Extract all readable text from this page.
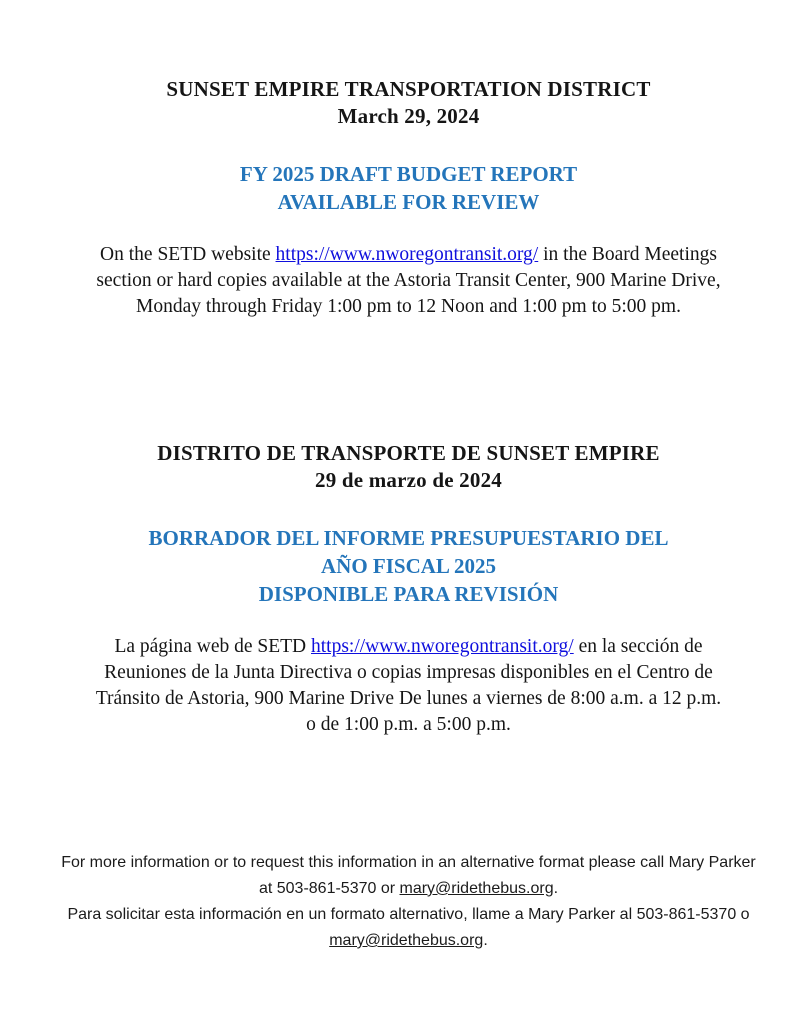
SUNSET EMPIRE TRANSPORTATION DISTRICT
March 29, 2024
FY 2025 DRAFT BUDGET REPORT
AVAILABLE FOR REVIEW

On the SETD website https://www.nworegontransit.org/ in the Board Meetings section or hard copies available at the Astoria Transit Center, 900 Marine Drive, Monday through Friday 1:00 pm to 12 Noon and 1:00 pm to 5:00 pm.

DISTRITO DE TRANSPORTE DE SUNSET EMPIRE
29 de marzo de 2024
BORRADOR DEL INFORME PRESUPUESTARIO DEL
AÑO FISCAL 2025
DISPONIBLE PARA REVISIÓN

La página web de SETD https://www.nworegontransit.org/ en la sección de Reuniones de la Junta Directiva o copias impresas disponibles en el Centro de Tránsito de Astoria, 900 Marine Drive De lunes a viernes de 8:00 a.m. a 12 p.m. o de 1:00 p.m. a 5:00 p.m.

For more information or to request this information in an alternative format please call Mary Parker at 503-861-5370 or mary@ridethebus.org.
Para solicitar esta información en un formato alternativo, llame a Mary Parker al 503-861-5370 o mary@ridethebus.org.
